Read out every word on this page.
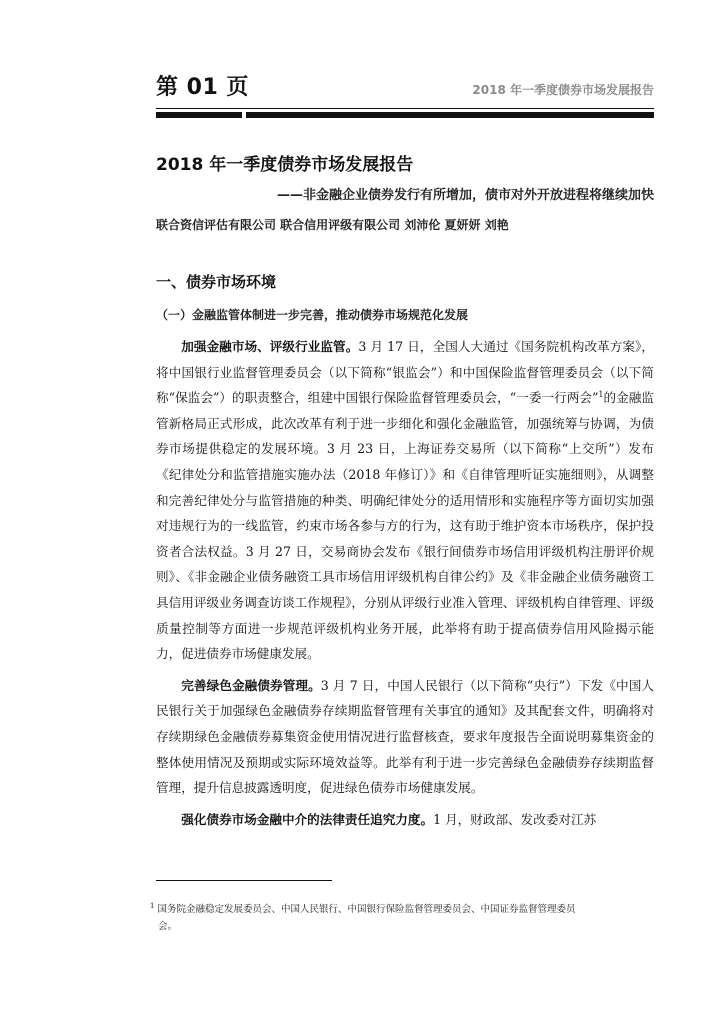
第 01 页	2018 年一季度债券市场发展报告
2018 年一季度债券市场发展报告
——非金融企业债券发行有所增加，债市对外开放进程将继续加快
联合资信评估有限公司 联合信用评级有限公司 刘沛伦 夏妍妍 刘艳
一、债券市场环境
（一）金融监管体制进一步完善，推动债券市场规范化发展

加强金融市场、评级行业监管。3 月 17 日，全国人大通过《国务院机构改革方案》，将中国银行业监督管理委员会（以下简称“银监会”）和中国保险监督管理委员会（以下简称“保监会”）的职责整合，组建中国银行保险监督管理委员会，“一委一行两会”$^1$的金融监管新格局正式形成，此次改革有利于进一步细化和强化金融监管，加强统筹与协调，为债券市场提供稳定的发展环境。3 月 23 日，上海证券交易所（以下简称“上交所”）发布《纪律处分和监管措施实施办法（2018 年修订）》和《自律管理听证实施细则》，从调整和完善纪律处分与监管措施的种类、明确纪律处分的适用情形和实施程序等方面切实加强对违规行为的一线监管，约束市场各参与方的行为，这有助于维护资本市场秩序，保护投资者合法权益。3 月 27 日，交易商协会发布《银行间债券市场信用评级机构注册评价规则》、《非金融企业债务融资工具市场信用评级机构自律公约》及《非金融企业债务融资工具信用评级业务调查访谈工作规程》，分别从评级行业准入管理、评级机构自律管理、评级质量控制等方面进一步规范评级机构业务开展，此举将有助于提高债券信用风险揭示能力，促进债券市场健康发展。

完善绿色金融债券管理。3 月 7 日，中国人民银行（以下简称“央行”）下发《中国人民银行关于加强绿色金融债券存续期监督管理有关事宜的通知》及其配套文件，明确将对存续期绿色金融债券募集资金使用情况进行监督核查，要求年度报告全面说明募集资金的整体使用情况及预期或实际环境效益等。此举有利于进一步完善绿色金融债券存续期监督管理，提升信息披露透明度，促进绿色债券市场健康发展。

强化债券市场金融中介的法律责任追究力度。1 月，财政部、发改委对江苏

$^1$ 国务院金融稳定发展委员会、中国人民银行、中国银行保险监督管理委员会、中国证券监督管理委员
会。
